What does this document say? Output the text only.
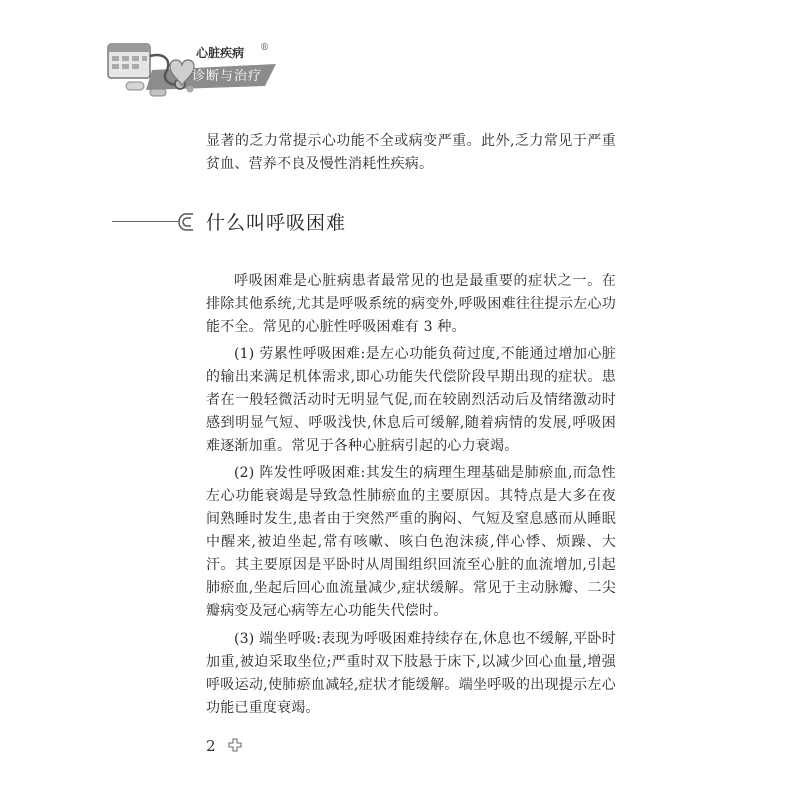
心脏疾病 ®
诊断与治疗

显著的乏力常提示心功能不全或病变严重。此外,乏力常见于严重贫血、营养不良及慢性消耗性疾病。

什么叫呼吸困难

呼吸困难是心脏病患者最常见的也是最重要的症状之一。在排除其他系统,尤其是呼吸系统的病变外,呼吸困难往往提示左心功能不全。常见的心脏性呼吸困难有 3 种。

(1) 劳累性呼吸困难:是左心功能负荷过度,不能通过增加心脏的输出来满足机体需求,即心功能失代偿阶段早期出现的症状。患者在一般轻微活动时无明显气促,而在较剧烈活动后及情绪激动时感到明显气短、呼吸浅快,休息后可缓解,随着病情的发展,呼吸困难逐渐加重。常见于各种心脏病引起的心力衰竭。

(2) 阵发性呼吸困难:其发生的病理生理基础是肺瘀血,而急性左心功能衰竭是导致急性肺瘀血的主要原因。其特点是大多在夜间熟睡时发生,患者由于突然严重的胸闷、气短及窒息感而从睡眠中醒来,被迫坐起,常有咳嗽、咳白色泡沫痰,伴心悸、烦躁、大汗。其主要原因是平卧时从周围组织回流至心脏的血流增加,引起肺瘀血,坐起后回心血流量减少,症状缓解。常见于主动脉瓣、二尖瓣病变及冠心病等左心功能失代偿时。

(3) 端坐呼吸:表现为呼吸困难持续存在,休息也不缓解,平卧时加重,被迫采取坐位;严重时双下肢悬于床下,以减少回心血量,增强呼吸运动,使肺瘀血减轻,症状才能缓解。端坐呼吸的出现提示左心功能已重度衰竭。

2
